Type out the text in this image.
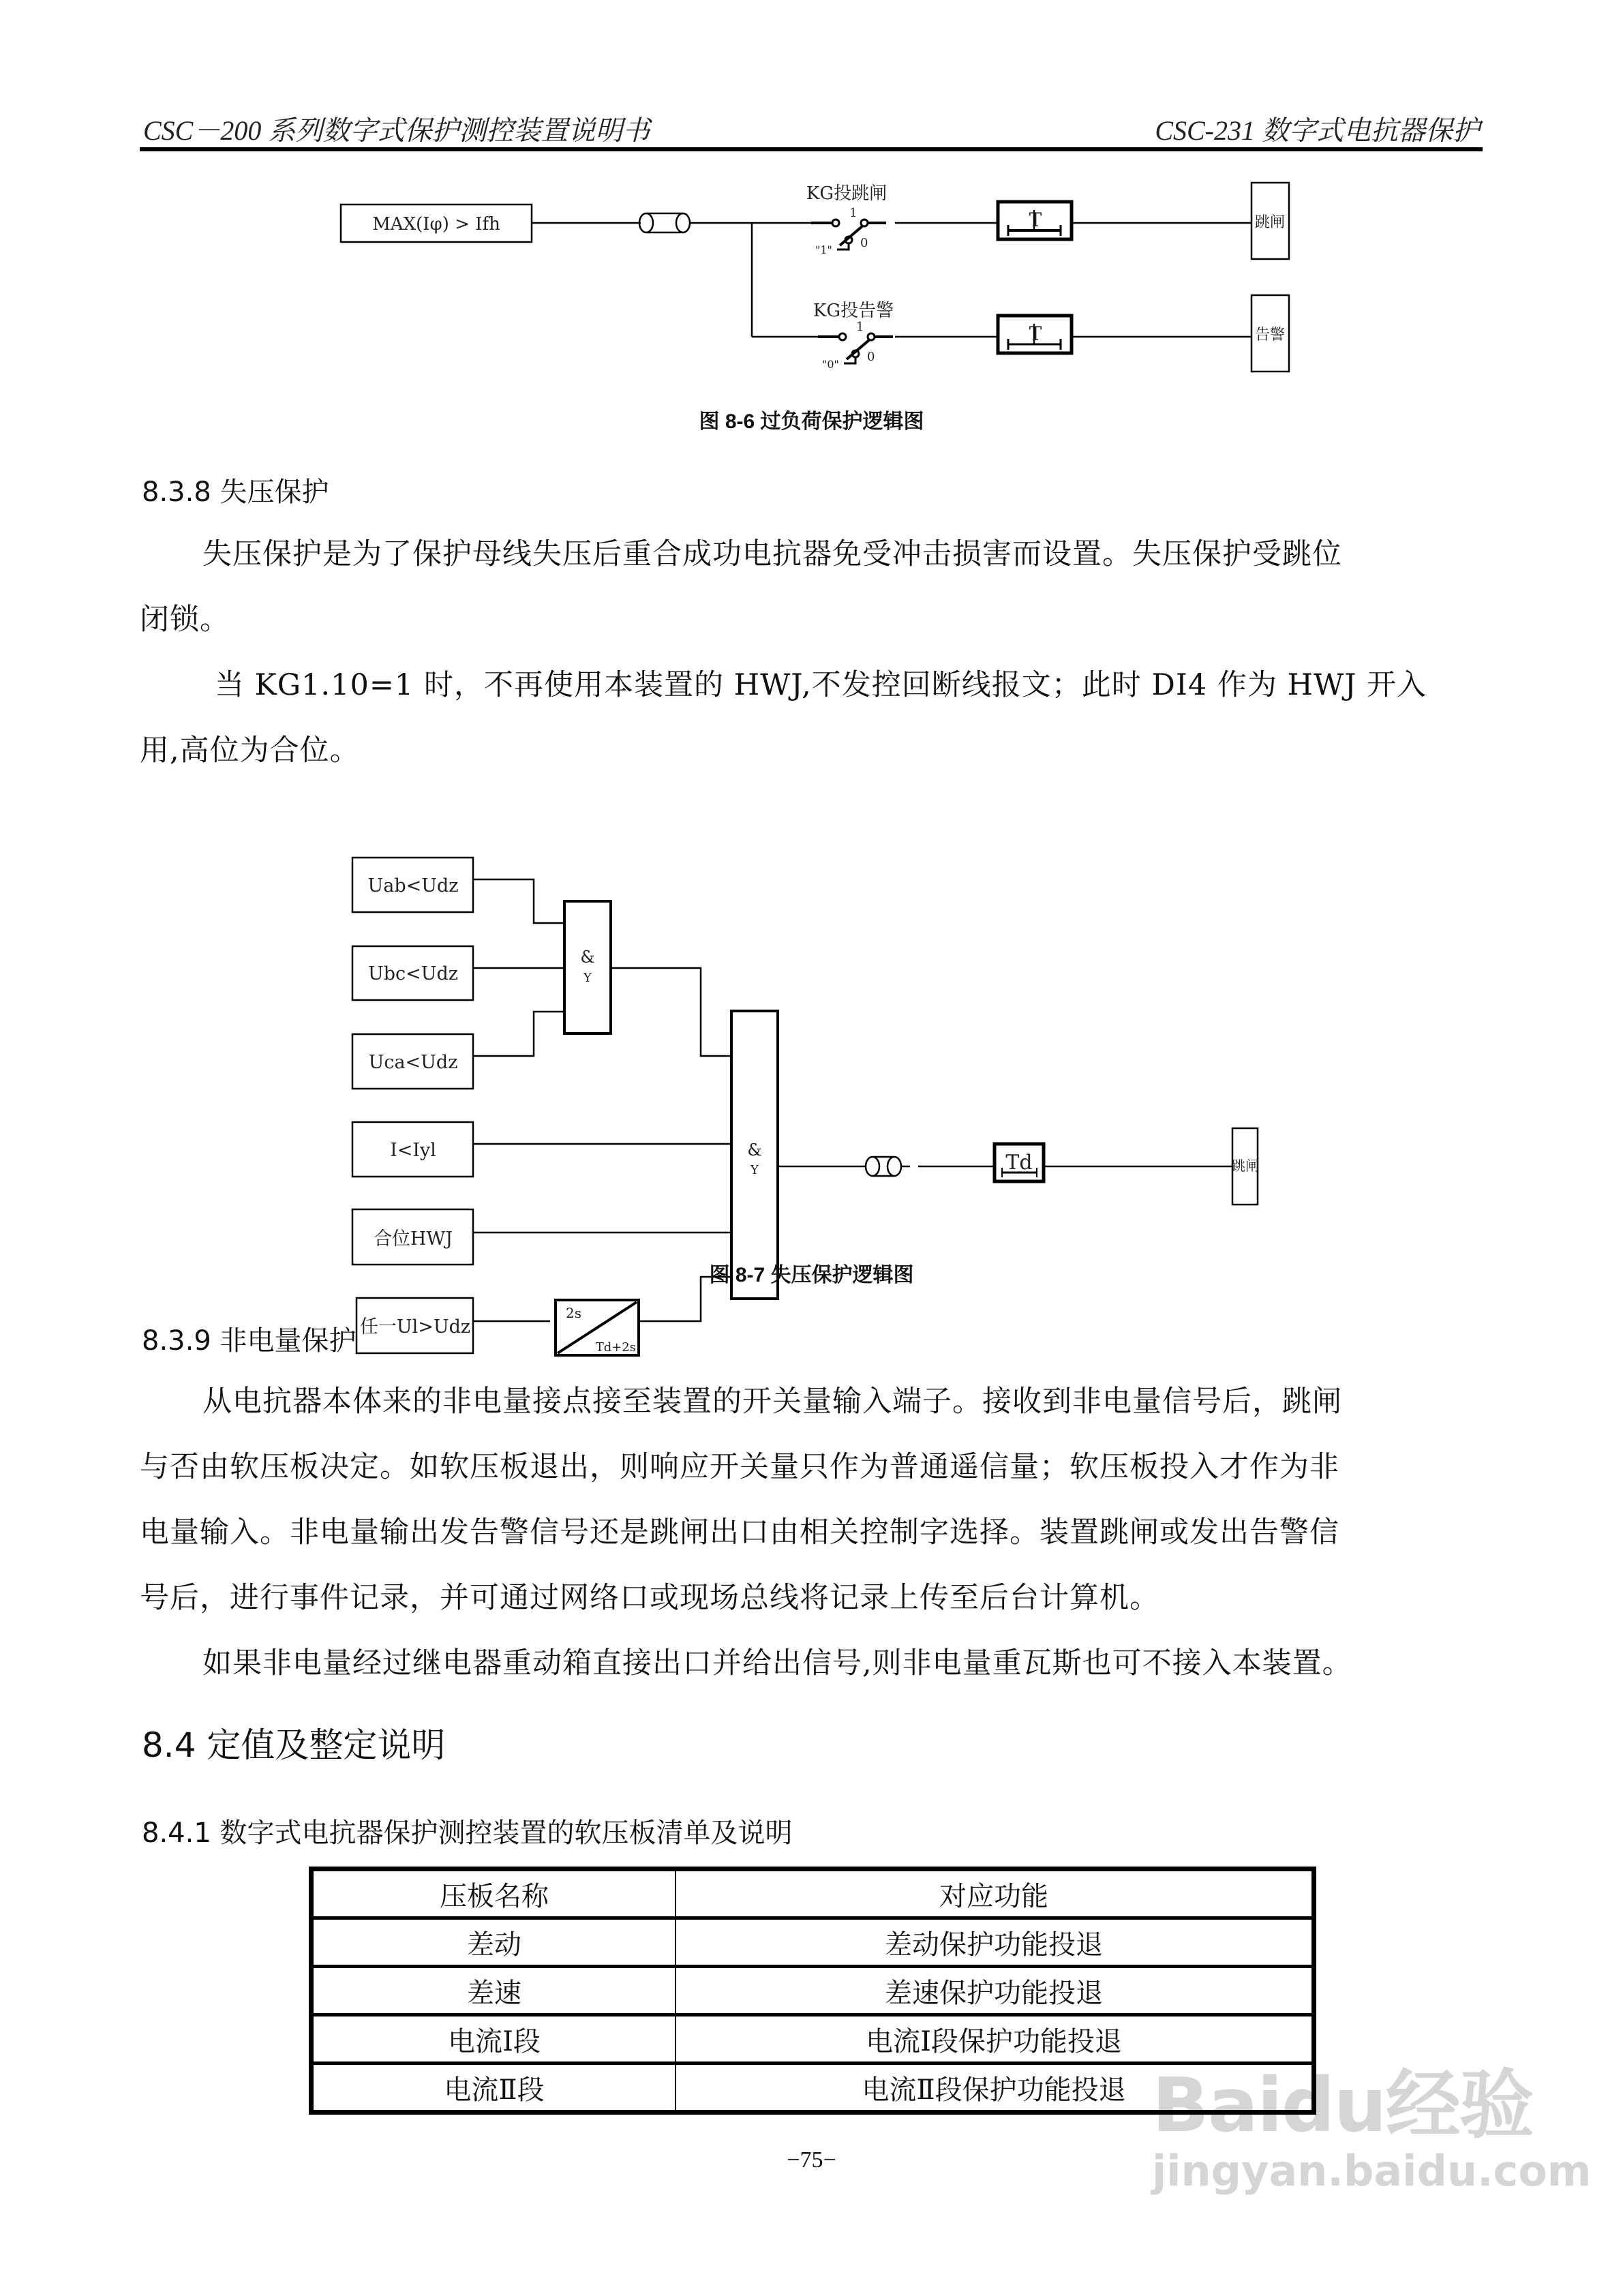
CSC－200 系列数字式保护测控装置说明书	CSC-231 数字式电抗器保护
MAX(Iφ) > Ifh
KG投跳闸
1
0
"1"
KG投告警
1
0
"0"
T
T
跳闸
告警
图 8-6 过负荷保护逻辑图
8.3.8 失压保护
失压保护是为了保护母线失压后重合成功电抗器免受冲击损害而设置。失压保护受跳位
闭锁。
当 KG1.10=1 时，不再使用本装置的 HWJ,不发控回断线报文；此时 DI4 作为 HWJ 开入
用,高位为合位。
Uab<Udz
Ubc<Udz
Uca<Udz
I<Iyl
合位HWJ
任一Ul>Udz
&
Y
&
Y
2s
Td+2s
Td	跳闸
图 8-7 失压保护逻辑图
8.3.9 非电量保护
从电抗器本体来的非电量接点接至装置的开关量输入端子。接收到非电量信号后，跳闸
与否由软压板决定。如软压板退出，则响应开关量只作为普通遥信量；软压板投入才作为非
电量输入。非电量输出发告警信号还是跳闸出口由相关控制字选择。装置跳闸或发出告警信
号后，进行事件记录，并可通过网络口或现场总线将记录上传至后台计算机。
如果非电量经过继电器重动箱直接出口并给出信号,则非电量重瓦斯也可不接入本装置。
8.4 定值及整定说明
8.4.1 数字式电抗器保护测控装置的软压板清单及说明
压板名称	对应功能
差动	差动保护功能投退
差速	差速保护功能投退
电流Ⅰ段	电流Ⅰ段保护功能投退
电流Ⅱ段	电流Ⅱ段保护功能投退
−75−
Baidu经验
jingyan.baidu.com
